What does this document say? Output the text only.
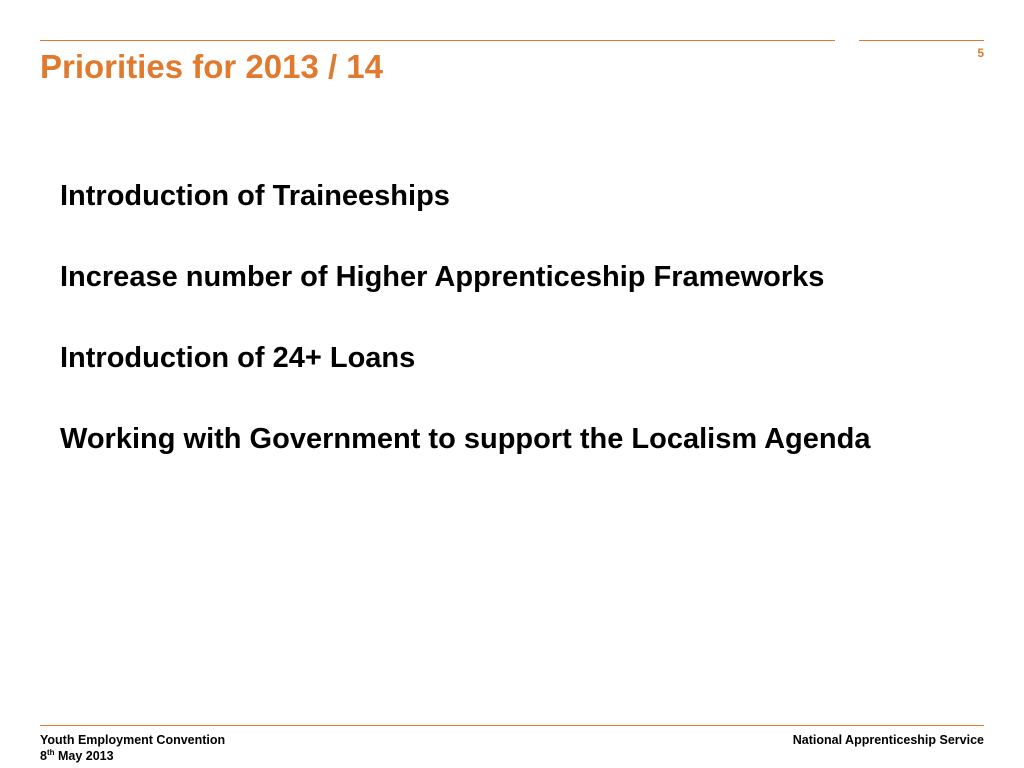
Priorities for 2013 / 14	5
Introduction of Traineeships
Increase number of Higher Apprenticeship Frameworks
Introduction of 24+ Loans
Working with Government to support the Localism Agenda
Youth Employment Convention
8th May 2013
National Apprenticeship Service
